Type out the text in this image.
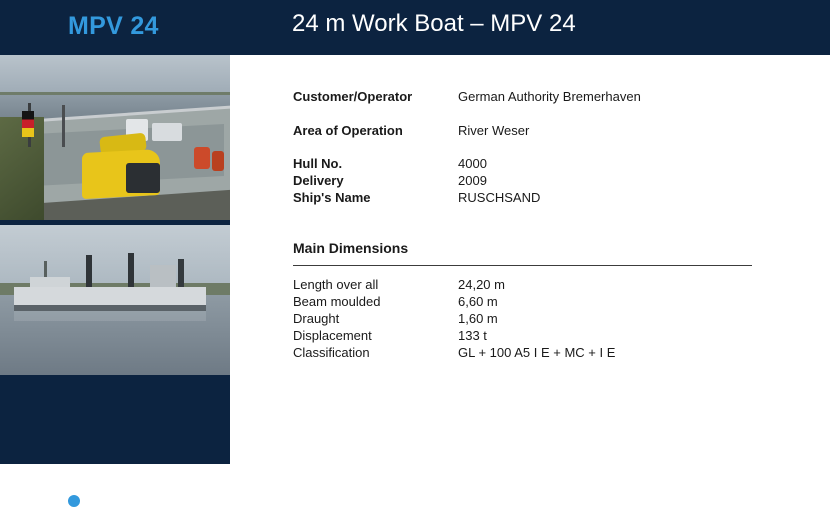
MPV 24	24 m Work Boat – MPV 24
Customer/Operator	German Authority Bremerhaven
Area of Operation	River Weser
Hull No.	4000
Delivery	2009
Ship's Name	RUSCHSAND
Main Dimensions
Length over all	24,20 m
Beam moulded	6,60 m
Draught	1,60 m
Displacement	133 t
Classification	GL + 100 A5 I E + MC + I E
